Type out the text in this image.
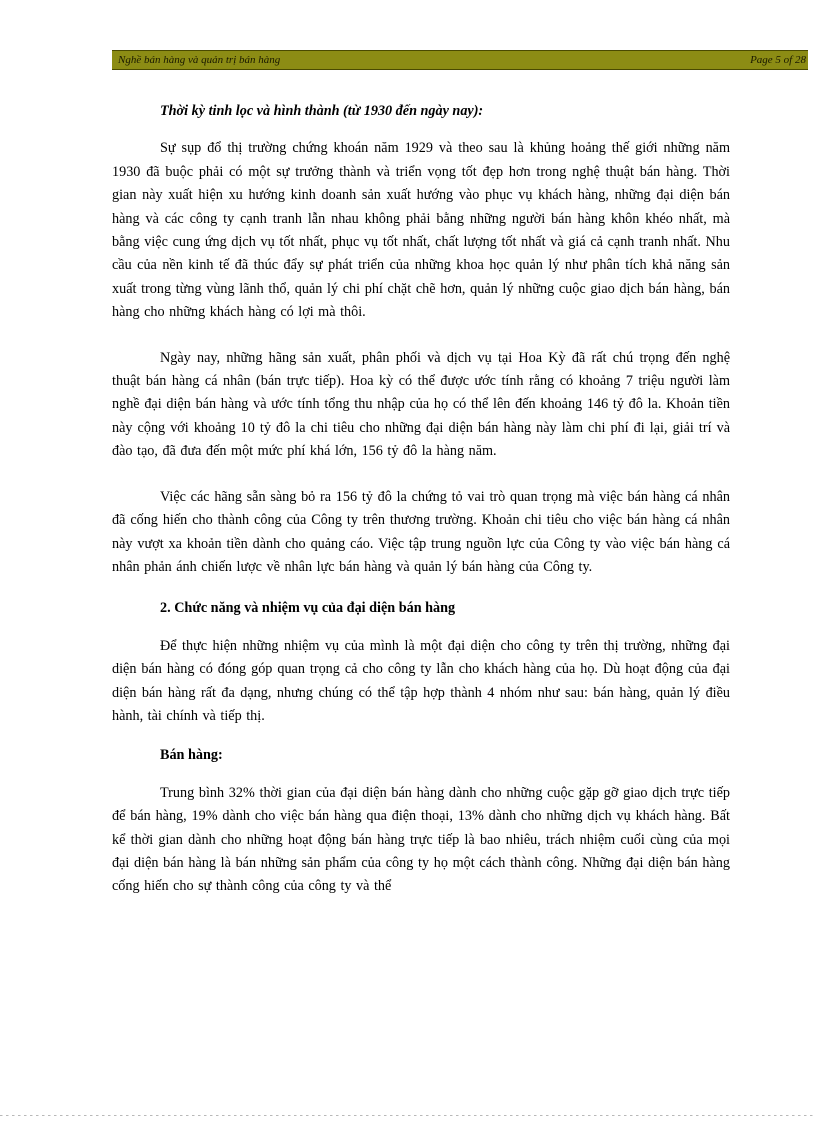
Nghề bán hàng và quản trị bán hàng	Page 5 of 28
Thời kỳ tinh lọc và hình thành (từ 1930 đến ngày nay):

Sự sụp đổ thị trường chứng khoán năm 1929 và theo sau là khủng hoảng thế giới những năm 1930 đã buộc phải có một sự trưởng thành và triển vọng tốt đẹp hơn trong nghệ thuật bán hàng. Thời gian này xuất hiện xu hướng kinh doanh sản xuất hướng vào phục vụ khách hàng, những đại diện bán hàng và các công ty cạnh tranh lẫn nhau không phải bằng những người bán hàng khôn khéo nhất, mà bằng việc cung ứng dịch vụ tốt nhất, phục vụ tốt nhất, chất lượng tốt nhất và giá cả cạnh tranh nhất. Nhu cầu của nền kinh tế đã thúc đẩy sự phát triển của những khoa học quản lý như phân tích khả năng sản xuất trong từng vùng lãnh thổ, quản lý chi phí chặt chẽ hơn, quản lý những cuộc giao dịch bán hàng, bán hàng cho những khách hàng có lợi mà thôi.

Ngày nay, những hãng sản xuất, phân phối và dịch vụ tại Hoa Kỳ đã rất chú trọng đến nghệ thuật bán hàng cá nhân (bán trực tiếp). Hoa kỳ có thể được ước tính rằng có khoảng 7 triệu người làm nghề đại diện bán hàng và ước tính tổng thu nhập của họ có thể lên đến khoảng 146 tỷ đô la. Khoản tiền này cộng với khoảng 10 tỷ đô la chi tiêu cho những đại diện bán hàng này làm chi phí đi lại, giải trí và đào tạo, đã đưa đến một mức phí khá lớn, 156 tỷ đô la hàng năm.

Việc các hãng sẵn sàng bỏ ra 156 tỷ đô la chứng tỏ vai trò quan trọng mà việc bán hàng cá nhân đã cống hiến cho thành công của Công ty trên thương trường. Khoản chi tiêu cho việc bán hàng cá nhân này vượt xa khoản tiền dành cho quảng cáo. Việc tập trung nguồn lực của Công ty vào việc bán hàng cá nhân phản ánh chiến lược về nhân lực bán hàng và quản lý bán hàng của Công ty.

2. Chức năng và nhiệm vụ của đại diện bán hàng

Để thực hiện những nhiệm vụ của mình là một đại diện cho công ty trên thị trường, những đại diện bán hàng có đóng góp quan trọng cả cho công ty lẫn cho khách hàng của họ. Dù hoạt động của đại diện bán hàng rất đa dạng, nhưng chúng có thể tập hợp thành 4 nhóm như sau: bán hàng, quản lý điều hành, tài chính và tiếp thị.

Bán hàng:

Trung bình 32% thời gian của đại diện bán hàng dành cho những cuộc gặp gỡ giao dịch trực tiếp để bán hàng, 19% dành cho việc bán hàng qua điện thoại, 13% dành cho những dịch vụ khách hàng. Bất kể thời gian dành cho những hoạt động bán hàng trực tiếp là bao nhiêu, trách nhiệm cuối cùng của mọi đại diện bán hàng là bán những sản phẩm của công ty họ một cách thành công. Những đại diện bán hàng cống hiến cho sự thành công của công ty và thể
